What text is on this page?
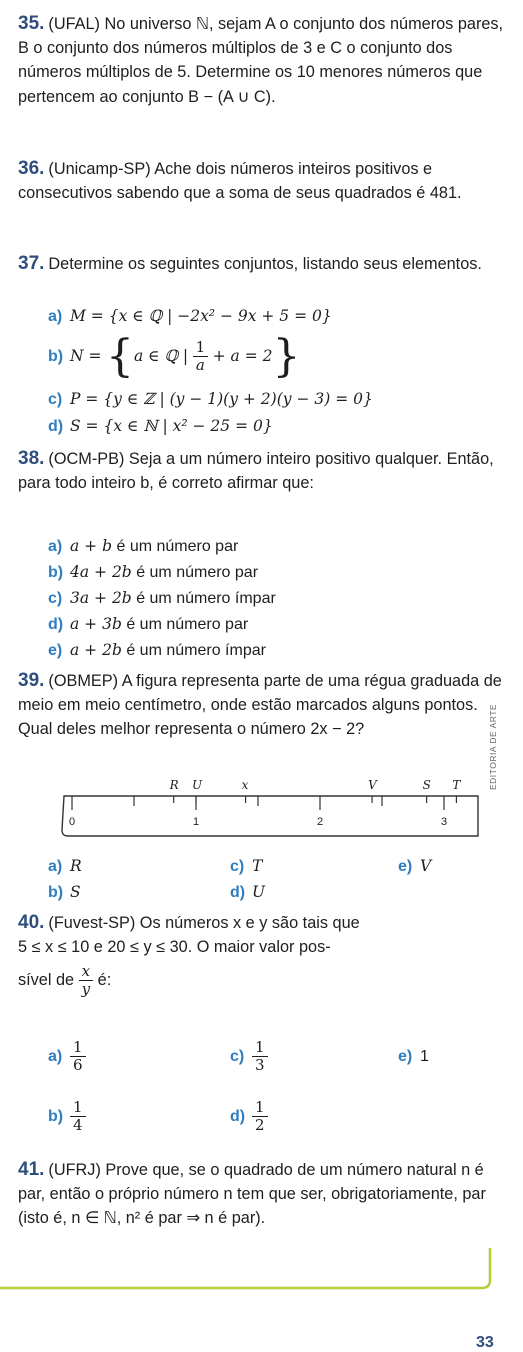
35. (UFAL) No universo ℕ, sejam A o conjunto dos números pares, B o conjunto dos números múltiplos de 3 e C o conjunto dos números múltiplos de 5. Determine os 10 menores números que pertencem ao conjunto B − (A ∪ C).
36. (Unicamp-SP) Ache dois números inteiros positivos e consecutivos sabendo que a soma de seus quadrados é 481.
37. Determine os seguintes conjuntos, listando seus elementos.
a) M = {x ∈ ℚ | −2x² − 9x + 5 = 0}
b) N = {a ∈ ℚ | $\frac{1}{a} + a = 2$}
c) P = {y ∈ ℤ | (y − 1)(y + 2)(y − 3) = 0}
d) S = {x ∈ ℕ | x² − 25 = 0}
38. (OCM-PB) Seja a um número inteiro positivo qualquer. Então, para todo inteiro b, é correto afirmar que:
a) a + b é um número par
b) 4a + 2b é um número par
c) 3a + 2b é um número ímpar
d) a + 3b é um número par
e) a + 2b é um número ímpar
39. (OBMEP) A figura representa parte de uma régua graduada de meio em meio centímetro, onde estão marcados alguns pontos. Qual deles melhor representa o número 2x − 2?
0	1	2	3
R U	x	V	S T	EDITORIA DE ARTE
a) R
b) S
c) T
d) U
e) V
40. (Fuvest-SP) Os números x e y são tais que
5 ≤ x ≤ 10 e 20 ≤ y ≤ 30. O maior valor pos-
sível de $\frac{x}{y}$ é:
$a) \frac{1}{6}$
$b) \frac{1}{4}$
$c) \frac{1}{3}$
$d) \frac{1}{2}$
e) 1
41. (UFRJ) Prove que, se o quadrado de um número natural n é par, então o próprio número n tem que ser, obrigatoriamente, par (isto é, n ∈ ℕ, n² é par ⇒ n é par).
33
